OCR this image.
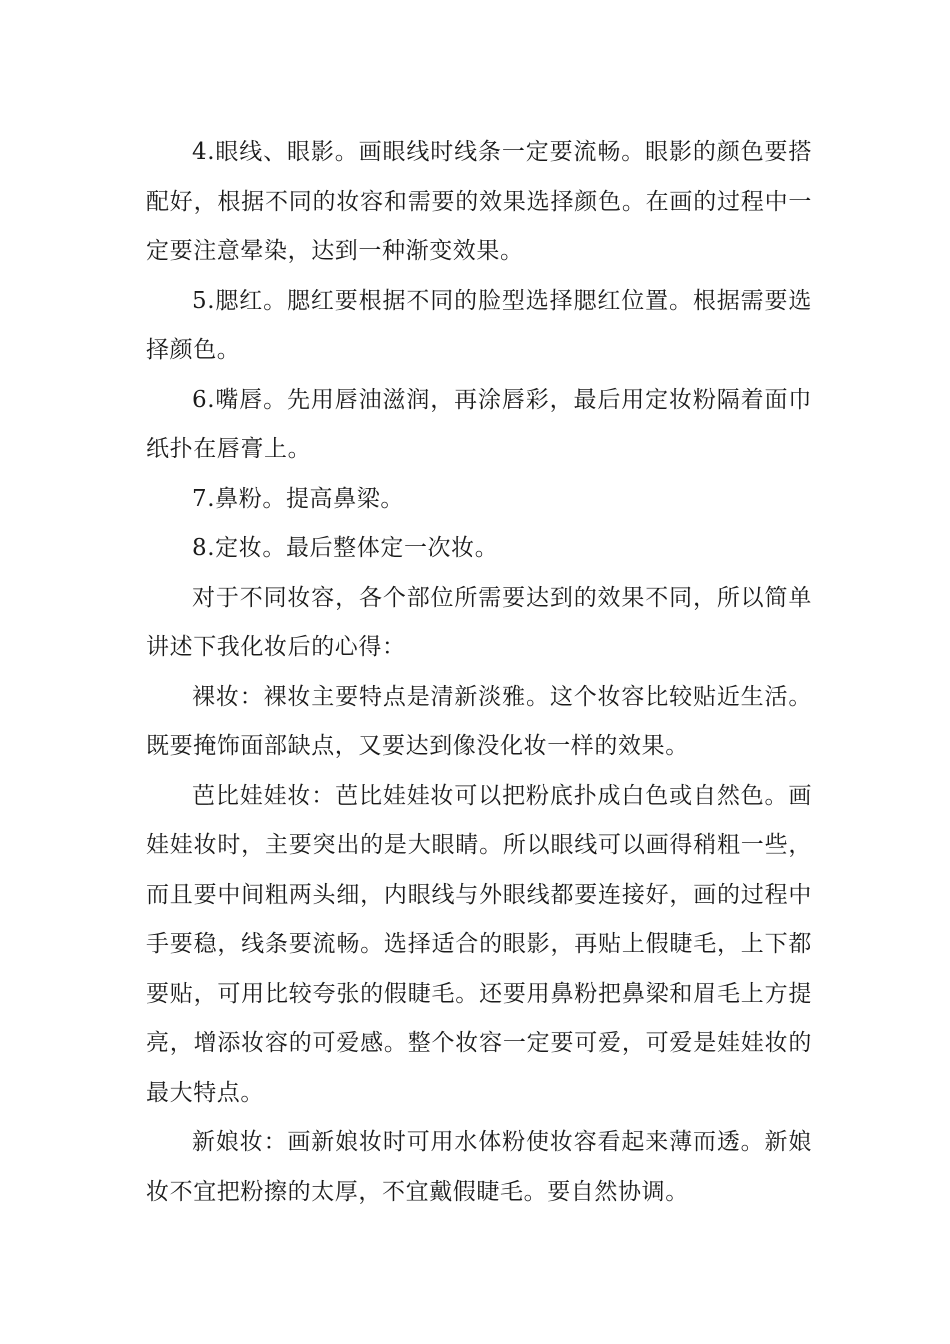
4.眼线、眼影。画眼线时线条一定要流畅。眼影的颜色要搭配好，根据不同的妆容和需要的效果选择颜色。在画的过程中一定要注意晕染，达到一种渐变效果。

5.腮红。腮红要根据不同的脸型选择腮红位置。根据需要选择颜色。

6.嘴唇。先用唇油滋润，再涂唇彩，最后用定妆粉隔着面巾纸扑在唇膏上。

7.鼻粉。提高鼻梁。

8.定妆。最后整体定一次妆。

对于不同妆容，各个部位所需要达到的效果不同，所以简单讲述下我化妆后的心得：

裸妆：裸妆主要特点是清新淡雅。这个妆容比较贴近生活。既要掩饰面部缺点，又要达到像没化妆一样的效果。

芭比娃娃妆：芭比娃娃妆可以把粉底扑成白色或自然色。画娃娃妆时，主要突出的是大眼睛。所以眼线可以画得稍粗一些，而且要中间粗两头细，内眼线与外眼线都要连接好，画的过程中手要稳，线条要流畅。选择适合的眼影，再贴上假睫毛，上下都要贴，可用比较夸张的假睫毛。还要用鼻粉把鼻梁和眉毛上方提亮，增添妆容的可爱感。整个妆容一定要可爱，可爱是娃娃妆的最大特点。

新娘妆：画新娘妆时可用水体粉使妆容看起来薄而透。新娘妆不宜把粉擦的太厚，不宜戴假睫毛。要自然协调。
